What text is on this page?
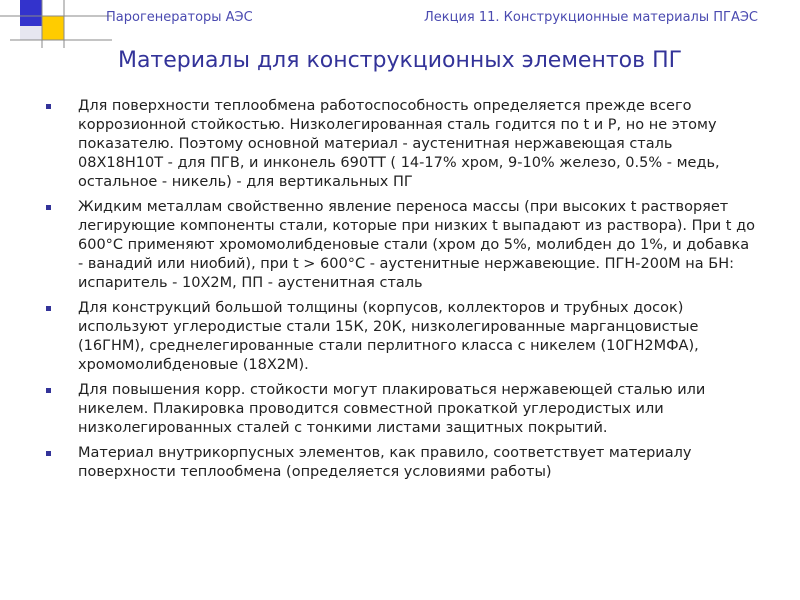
Парогенераторы АЭС	Лекция 11. Конструкционные материалы ПГАЭС
Материалы для конструкционных элементов ПГ
Для поверхности теплообмена работоспособность определяется прежде всего коррозионной стойкостью. Низколегированная сталь годится по t и P, но не этому показателю. Поэтому основной материал - аустенитная нержавеющая сталь 08Х18Н10Т - для ПГВ, и инконель 690ТТ ( 14-17% хром, 9-10% железо, 0.5% - медь, остальное - никель) - для вертикальных ПГ
Жидким металлам свойственно явление переноса массы (при высоких t растворяет легирующие компоненты стали, которые при низких t выпадают из раствора). При t до 600°С применяют хромомолибденовые стали (хром до 5%, молибден до 1%, и добавка - ванадий или ниобий), при t > 600°С - аустенитные нержавеющие. ПГН-200М на БН: испаритель - 10Х2М, ПП - аустенитная сталь
Для конструкций большой толщины (корпусов, коллекторов и трубных досок) используют углеродистые стали 15К, 20К, низколегированные марганцовистые (16ГНМ), среднелегированные стали перлитного класса с никелем (10ГН2МФА), хромомолибденовые (18Х2М).
Для повышения корр. стойкости могут плакироваться нержавеющей сталью или никелем. Плакировка проводится совместной прокаткой углеродистых или низколегированных сталей с тонкими листами защитных покрытий.
Материал внутрикорпусных элементов, как правило, соответствует материалу поверхности теплообмена (определяется условиями работы)
